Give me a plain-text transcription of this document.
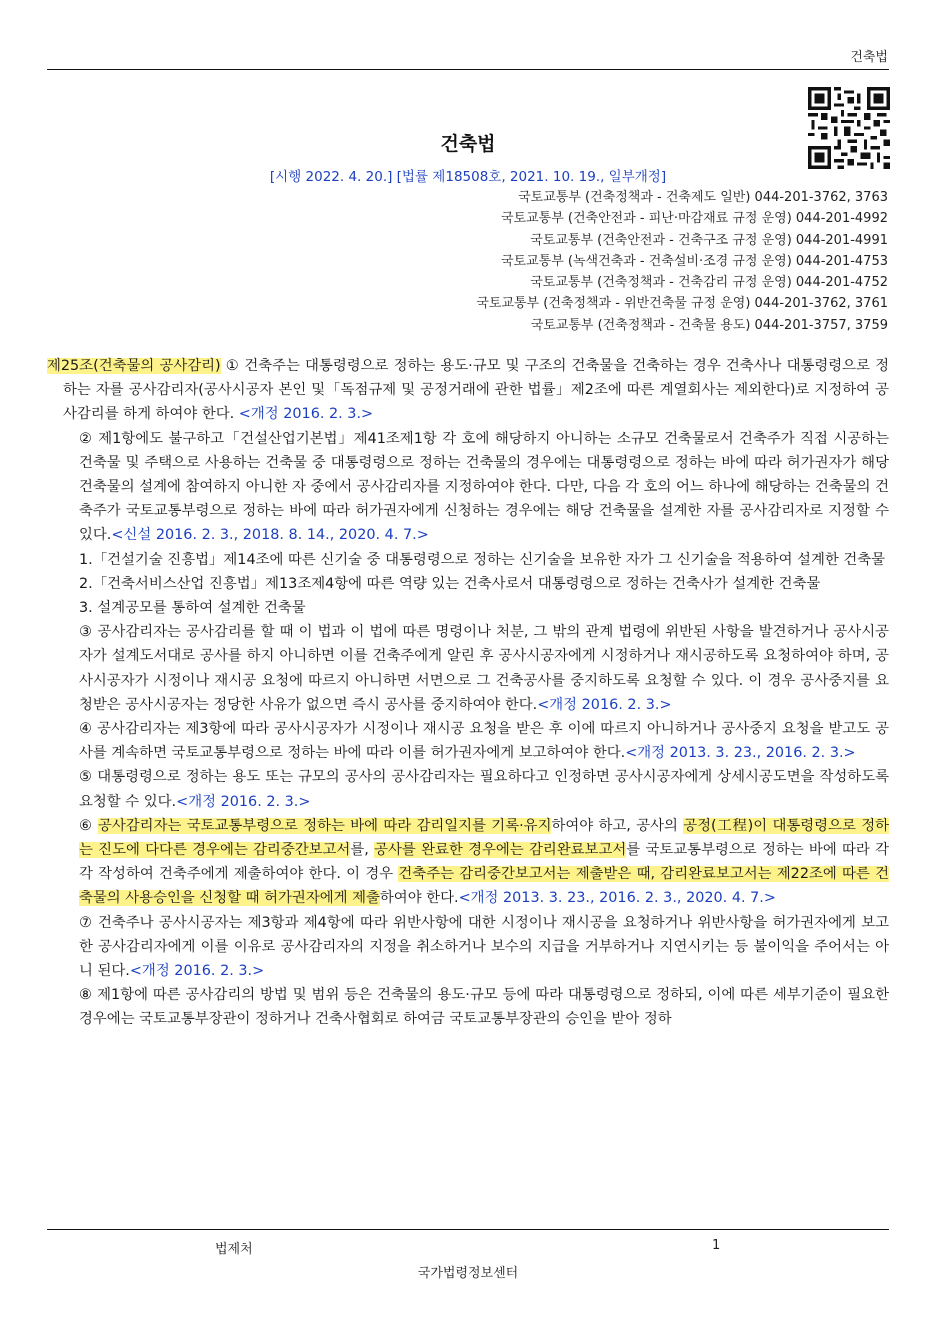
건축법
건축법
[시행 2022. 4. 20.] [법률 제18508호, 2021. 10. 19., 일부개정]
국토교통부 (건축정책과 - 건축제도 일반) 044-201-3762, 3763
국토교통부 (건축안전과 - 피난·마감재료 규정 운영) 044-201-4992
국토교통부 (건축안전과 - 건축구조 규정 운영) 044-201-4991
국토교통부 (녹색건축과 - 건축설비·조경 규정 운영) 044-201-4753
국토교통부 (건축정책과 - 건축감리 규정 운영) 044-201-4752
국토교통부 (건축정책과 - 위반건축물 규정 운영) 044-201-3762, 3761
국토교통부 (건축정책과 - 건축물 용도) 044-201-3757, 3759

제25조(건축물의 공사감리) ① 건축주는 대통령령으로 정하는 용도·규모 및 구조의 건축물을 건축하는 경우 건축사나 대통령령으로 정하는 자를 공사감리자(공사시공자 본인 및「독점규제 및 공정거래에 관한 법률」제2조에 따른 계열회사는 제외한다)로 지정하여 공사감리를 하게 하여야 한다. <개정 2016. 2. 3.>

② 제1항에도 불구하고「건설산업기본법」제41조제1항 각 호에 해당하지 아니하는 소규모 건축물로서 건축주가 직접 시공하는 건축물 및 주택으로 사용하는 건축물 중 대통령령으로 정하는 건축물의 경우에는 대통령령으로 정하는 바에 따라 허가권자가 해당 건축물의 설계에 참여하지 아니한 자 중에서 공사감리자를 지정하여야 한다. 다만, 다음 각 호의 어느 하나에 해당하는 건축물의 건축주가 국토교통부령으로 정하는 바에 따라 허가권자에게 신청하는 경우에는 해당 건축물을 설계한 자를 공사감리자로 지정할 수 있다.<신설 2016. 2. 3., 2018. 8. 14., 2020. 4. 7.>

1.「건설기술 진흥법」제14조에 따른 신기술 중 대통령령으로 정하는 신기술을 보유한 자가 그 신기술을 적용하여 설계한 건축물

2.「건축서비스산업 진흥법」제13조제4항에 따른 역량 있는 건축사로서 대통령령으로 정하는 건축사가 설계한 건축물

3. 설계공모를 통하여 설계한 건축물

③ 공사감리자는 공사감리를 할 때 이 법과 이 법에 따른 명령이나 처분, 그 밖의 관계 법령에 위반된 사항을 발견하거나 공사시공자가 설계도서대로 공사를 하지 아니하면 이를 건축주에게 알린 후 공사시공자에게 시정하거나 재시공하도록 요청하여야 하며, 공사시공자가 시정이나 재시공 요청에 따르지 아니하면 서면으로 그 건축공사를 중지하도록 요청할 수 있다. 이 경우 공사중지를 요청받은 공사시공자는 정당한 사유가 없으면 즉시 공사를 중지하여야 한다.<개정 2016. 2. 3.>

④ 공사감리자는 제3항에 따라 공사시공자가 시정이나 재시공 요청을 받은 후 이에 따르지 아니하거나 공사중지 요청을 받고도 공사를 계속하면 국토교통부령으로 정하는 바에 따라 이를 허가권자에게 보고하여야 한다.<개정 2013. 3. 23., 2016. 2. 3.>

⑤ 대통령령으로 정하는 용도 또는 규모의 공사의 공사감리자는 필요하다고 인정하면 공사시공자에게 상세시공도면을 작성하도록 요청할 수 있다.<개정 2016. 2. 3.>

⑥ 공사감리자는 국토교통부령으로 정하는 바에 따라 감리일지를 기록·유지하여야 하고, 공사의 공정(工程)이 대통령령으로 정하는 진도에 다다른 경우에는 감리중간보고서를, 공사를 완료한 경우에는 감리완료보고서를 국토교통부령으로 정하는 바에 따라 각각 작성하여 건축주에게 제출하여야 한다. 이 경우 건축주는 감리중간보고서는 제출받은 때, 감리완료보고서는 제22조에 따른 건축물의 사용승인을 신청할 때 허가권자에게 제출하여야 한다.<개정 2013. 3. 23., 2016. 2. 3., 2020. 4. 7.>

⑦ 건축주나 공사시공자는 제3항과 제4항에 따라 위반사항에 대한 시정이나 재시공을 요청하거나 위반사항을 허가권자에게 보고한 공사감리자에게 이를 이유로 공사감리자의 지정을 취소하거나 보수의 지급을 거부하거나 지연시키는 등 불이익을 주어서는 아니 된다.<개정 2016. 2. 3.>

⑧ 제1항에 따른 공사감리의 방법 및 범위 등은 건축물의 용도·규모 등에 따라 대통령령으로 정하되, 이에 따른 세부기준이 필요한 경우에는 국토교통부장관이 정하거나 건축사협회로 하여금 국토교통부장관의 승인을 받아 정하

법제처	1
국가법령정보센터
